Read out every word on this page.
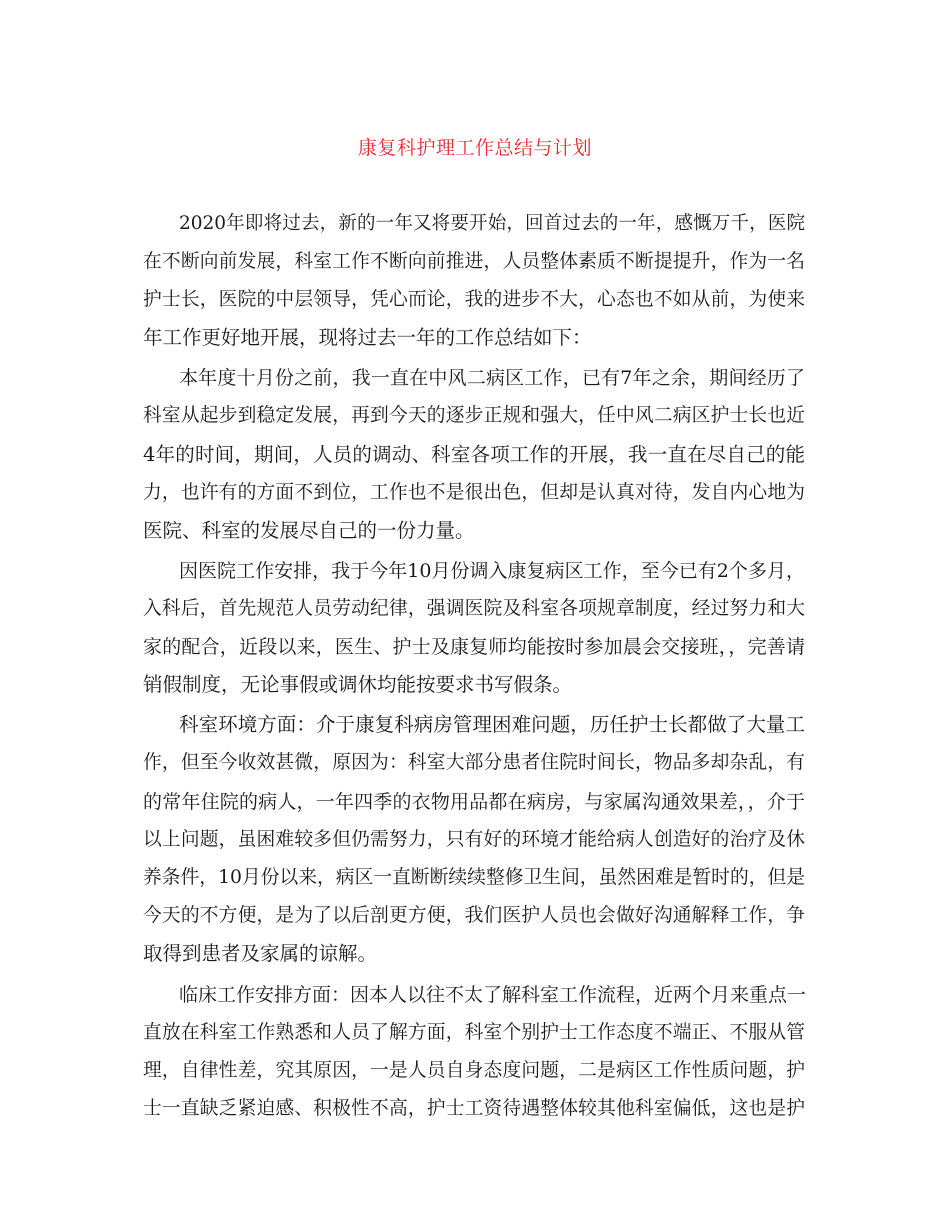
康复科护理工作总结与计划
2020年即将过去，新的一年又将要开始，回首过去的一年，感慨万千，医院
在不断向前发展，科室工作不断向前推进，人员整体素质不断提提升，作为一名
护士长，医院的中层领导，凭心而论，我的进步不大，心态也不如从前，为使来
年工作更好地开展，现将过去一年的工作总结如下：
本年度十月份之前，我一直在中风二病区工作，已有7年之余，期间经历了
科室从起步到稳定发展，再到今天的逐步正规和强大，任中风二病区护士长也近
4年的时间，期间，人员的调动、科室各项工作的开展，我一直在尽自己的能
力，也许有的方面不到位，工作也不是很出色，但却是认真对待，发自内心地为
医院、科室的发展尽自己的一份力量。
因医院工作安排，我于今年10月份调入康复病区工作，至今已有2个多月，
入科后，首先规范人员劳动纪律，强调医院及科室各项规章制度，经过努力和大
家的配合，近段以来，医生、护士及康复师均能按时参加晨会交接班，，完善请
销假制度，无论事假或调休均能按要求书写假条。
科室环境方面：介于康复科病房管理困难问题，历任护士长都做了大量工
作，但至今收效甚微，原因为：科室大部分患者住院时间长，物品多却杂乱，有
的常年住院的病人，一年四季的衣物用品都在病房，与家属沟通效果差，，介于
以上问题，虽困难较多但仍需努力，只有好的环境才能给病人创造好的治疗及休
养条件，10月份以来，病区一直断断续续整修卫生间，虽然困难是暂时的，但是
今天的不方便，是为了以后剖更方便，我们医护人员也会做好沟通解释工作，争
取得到患者及家属的谅解。
临床工作安排方面：因本人以往不太了解科室工作流程，近两个月来重点一
直放在科室工作熟悉和人员了解方面，科室个别护士工作态度不端正、不服从管
理，自律性差，究其原因，一是人员自身态度问题，二是病区工作性质问题，护
士一直缺乏紧迫感、积极性不高，护士工资待遇整体较其他科室偏低，这也是护
